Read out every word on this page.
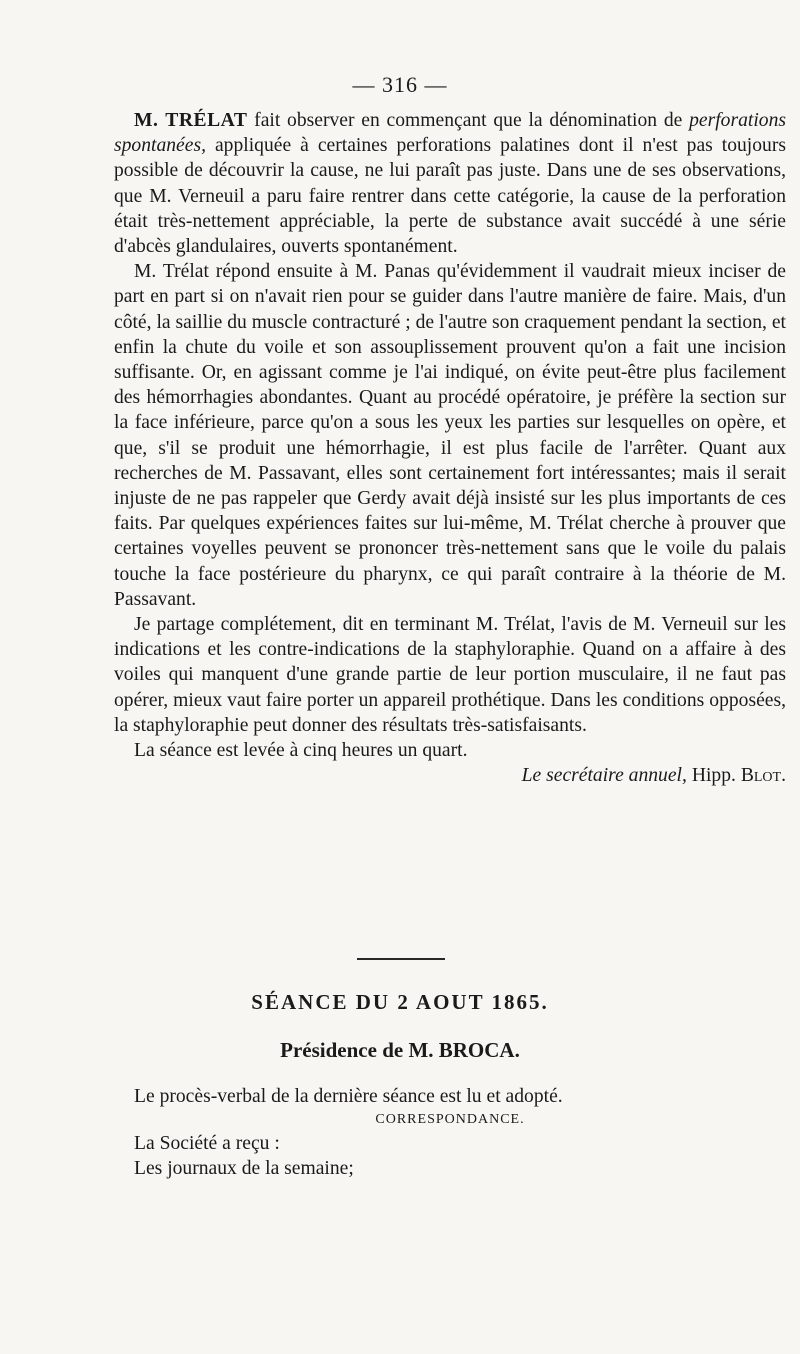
— 316 —

M. TRÉLAT fait observer en commençant que la dénomination de perforations spontanées, appliquée à certaines perforations palatines dont il n'est pas toujours possible de découvrir la cause, ne lui paraît pas juste. Dans une de ses observations, que M. Verneuil a paru faire rentrer dans cette catégorie, la cause de la perforation était très-nettement appréciable, la perte de substance avait succédé à une série d'abcès glandulaires, ouverts spontanément.

M. Trélat répond ensuite à M. Panas qu'évidemment il vaudrait mieux inciser de part en part si on n'avait rien pour se guider dans l'autre manière de faire. Mais, d'un côté, la saillie du muscle contracturé ; de l'autre son craquement pendant la section, et enfin la chute du voile et son assouplissement prouvent qu'on a fait une incision suffisante. Or, en agissant comme je l'ai indiqué, on évite peut-être plus facilement des hémorrhagies abondantes. Quant au procédé opératoire, je préfère la section sur la face inférieure, parce qu'on a sous les yeux les parties sur lesquelles on opère, et que, s'il se produit une hémorrhagie, il est plus facile de l'arrêter. Quant aux recherches de M. Passavant, elles sont certainement fort intéressantes; mais il serait injuste de ne pas rappeler que Gerdy avait déjà insisté sur les plus importants de ces faits. Par quelques expériences faites sur lui-même, M. Trélat cherche à prouver que certaines voyelles peuvent se prononcer très-nettement sans que le voile du palais touche la face postérieure du pharynx, ce qui paraît contraire à la théorie de M. Passavant.

Je partage complétement, dit en terminant M. Trélat, l'avis de M. Verneuil sur les indications et les contre-indications de la staphyloraphie. Quand on a affaire à des voiles qui manquent d'une grande partie de leur portion musculaire, il ne faut pas opérer, mieux vaut faire porter un appareil prothétique. Dans les conditions opposées, la staphyloraphie peut donner des résultats très-satisfaisants.

La séance est levée à cinq heures un quart.

Le secrétaire annuel, Hipp. Blot.

SÉANCE DU 2 AOUT 1865.
Présidence de M. BROCA.

Le procès-verbal de la dernière séance est lu et adopté.

CORRESPONDANCE.

La Société a reçu :

Les journaux de la semaine;
